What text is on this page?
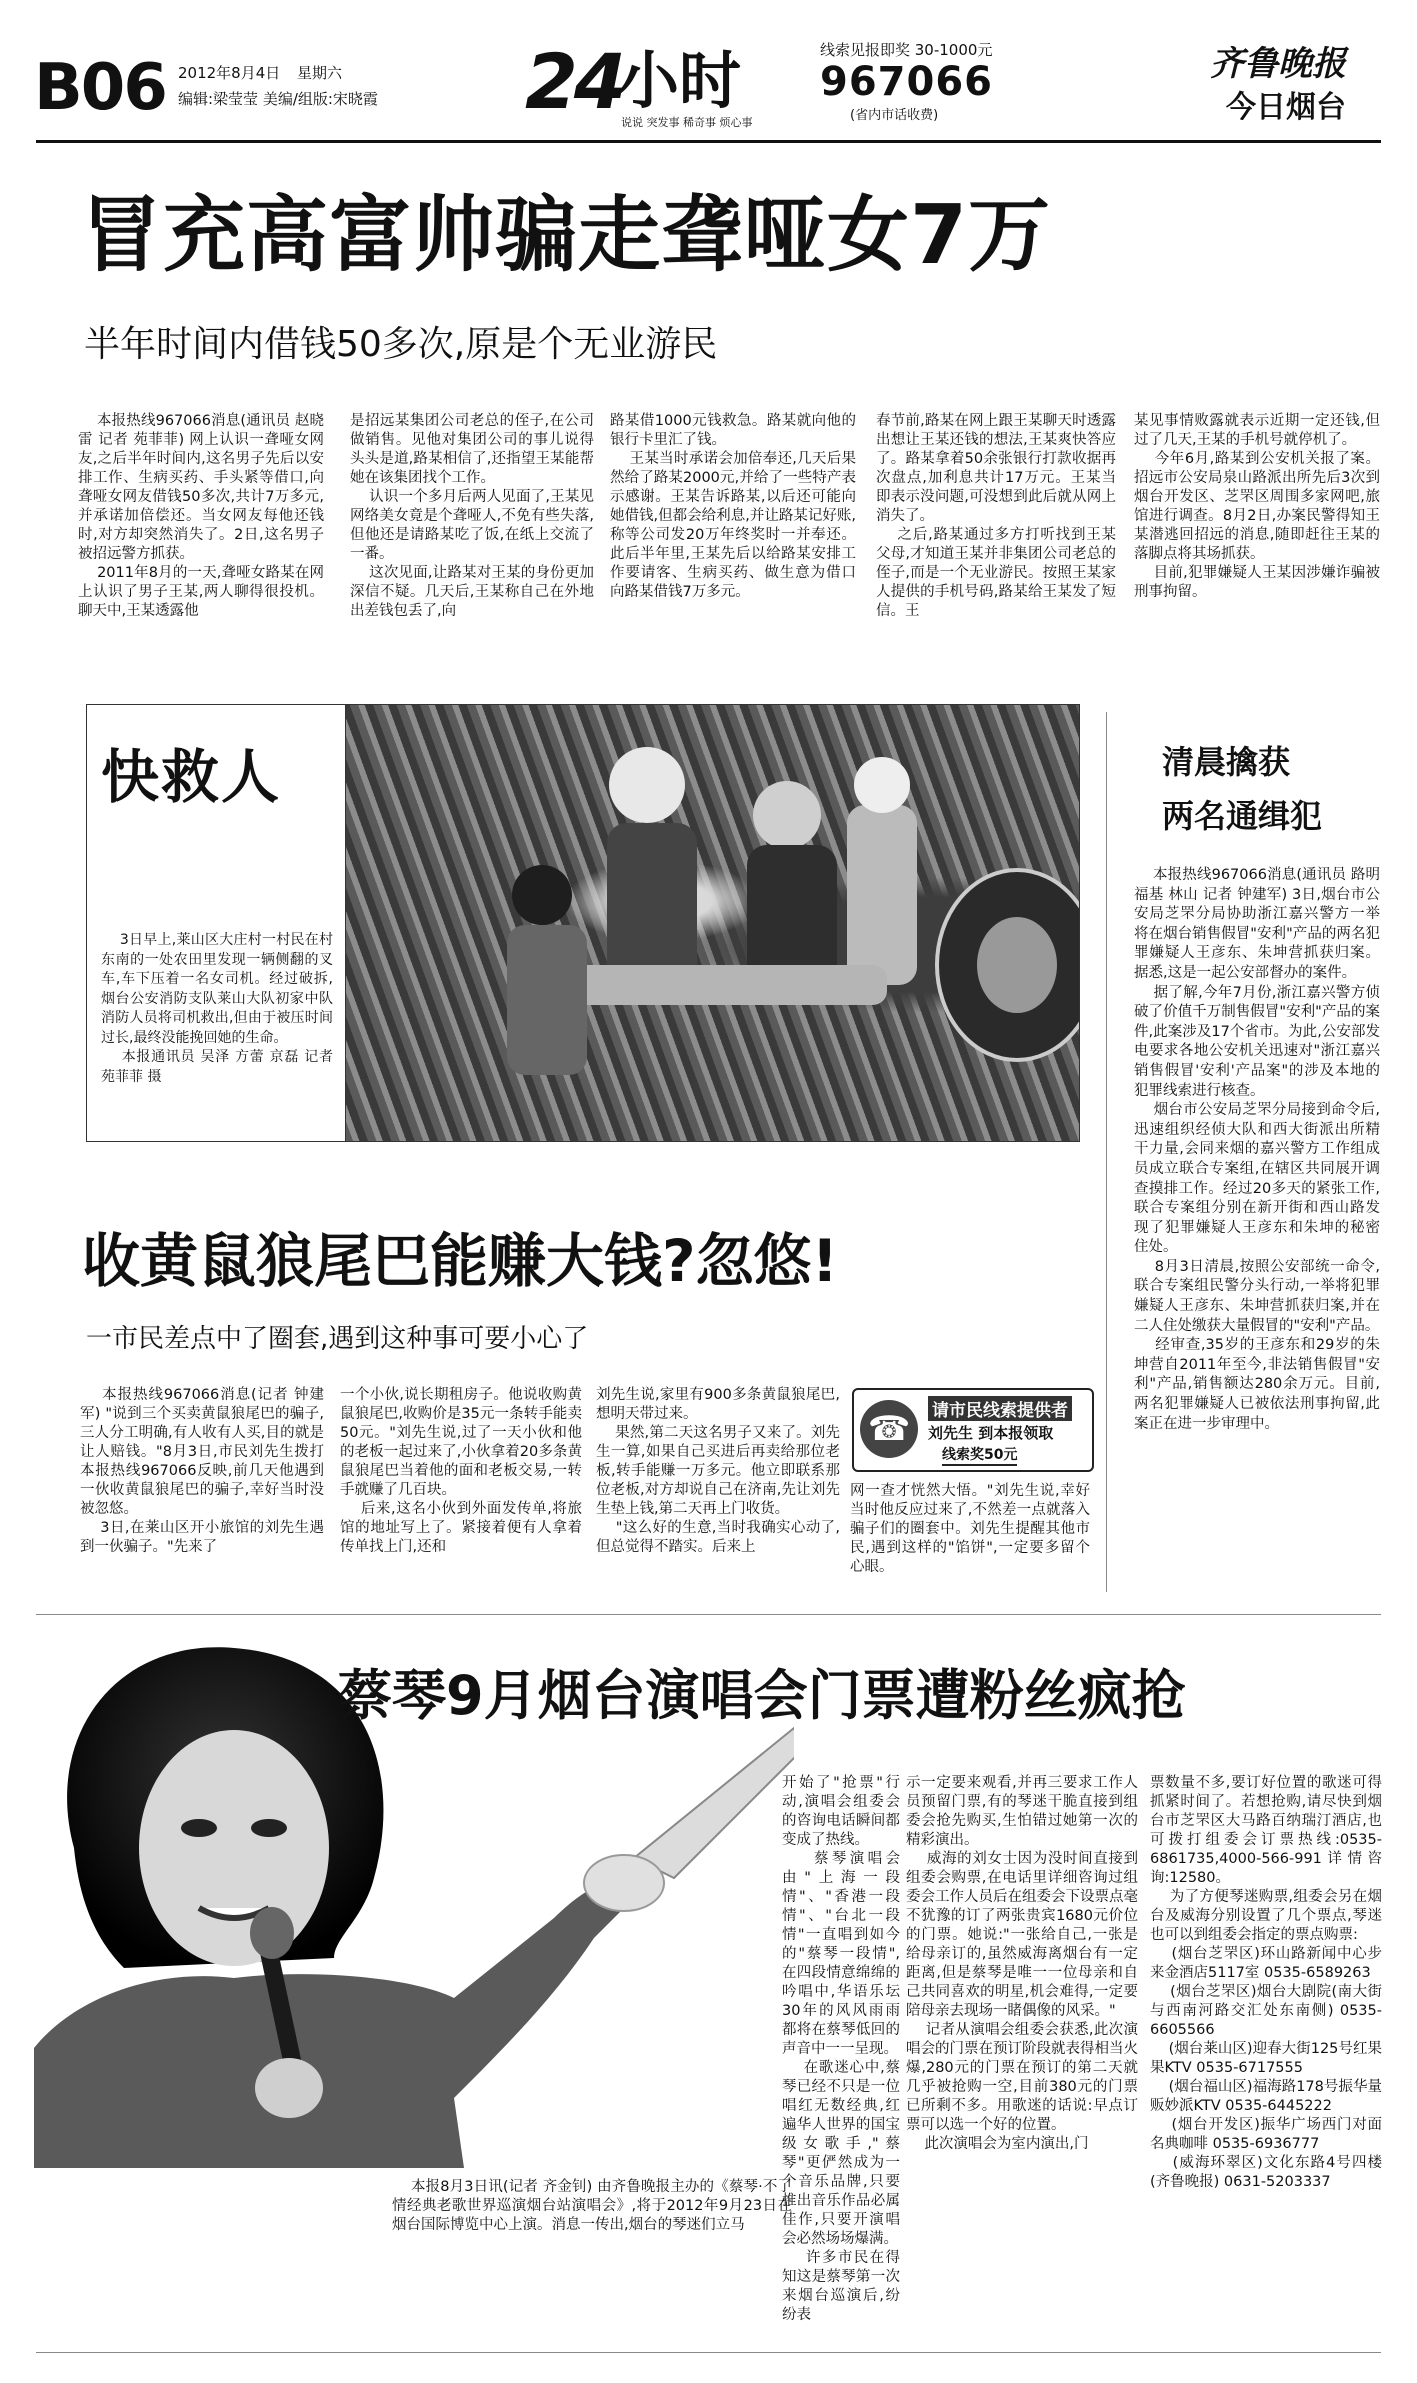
B06 2012年8月4日 星期六
编辑:梁莹莹 美编/组版:宋晓霞 24
小时
说说 突发事 稀奇事 烦心事
线索见报即奖 30-1000元
967066
(省内市话收费)
齐鲁晚报
今日烟台
冒充高富帅骗走聋哑女7万
半年时间内借钱50多次,原是个无业游民
本报热线967066消息(通讯员 赵晓雷 记者 苑菲菲) 网上认识一聋哑女网友,之后半年时间内,这名男子先后以安排工作、生病买药、手头紧等借口,向聋哑女网友借钱50多次,共计7万多元,并承诺加倍偿还。当女网友每他还钱时,对方却突然消失了。2日,这名男子被招远警方抓获。
2011年8月的一天,聋哑女路某在网上认识了男子王某,两人聊得很投机。聊天中,王某透露他
是招远某集团公司老总的侄子,在公司做销售。见他对集团公司的事儿说得头头是道,路某相信了,还指望王某能帮她在该集团找个工作。
认识一个多月后两人见面了,王某见网络美女竟是个聋哑人,不免有些失落,但他还是请路某吃了饭,在纸上交流了一番。
这次见面,让路某对王某的身份更加深信不疑。几天后,王某称自己在外地出差钱包丢了,向
路某借1000元钱救急。路某就向他的银行卡里汇了钱。
王某当时承诺会加倍奉还,几天后果然给了路某2000元,并给了一些特产表示感谢。王某告诉路某,以后还可能向她借钱,但都会给利息,并让路某记好账,称等公司发20万年终奖时一并奉还。此后半年里,王某先后以给路某安排工作要请客、生病买药、做生意为借口向路某借钱7万多元。
春节前,路某在网上跟王某聊天时透露出想让王某还钱的想法,王某爽快答应了。路某拿着50余张银行打款收据再次盘点,加利息共计17万元。王某当即表示没问题,可没想到此后就从网上消失了。
之后,路某通过多方打听找到王某父母,才知道王某并非集团公司老总的侄子,而是一个无业游民。按照王某家人提供的手机号码,路某给王某发了短信。王
某见事情败露就表示近期一定还钱,但过了几天,王某的手机号就停机了。
今年6月,路某到公安机关报了案。招远市公安局泉山路派出所先后3次到烟台开发区、芝罘区周围多家网吧,旅馆进行调查。8月2日,办案民警得知王某潜逃回招远的消息,随即赶往王某的落脚点将其场抓获。
目前,犯罪嫌疑人王某因涉嫌诈骗被刑事拘留。
快救人
3日早上,莱山区大庄村一村民在村东南的一处农田里发现一辆侧翻的叉车,车下压着一名女司机。经过破拆,烟台公安消防支队莱山大队初家中队消防人员将司机救出,但由于被压时间过长,最终没能挽回她的生命。
本报通讯员 吴泽 方蕾 京磊 记者 苑菲菲 摄
清晨擒获
两名通缉犯
本报热线967066消息(通讯员 路明 福基 林山 记者 钟建军) 3日,烟台市公安局芝罘分局协助浙江嘉兴警方一举将在烟台销售假冒"安利"产品的两名犯罪嫌疑人王彦东、朱坤营抓获归案。据悉,这是一起公安部督办的案件。
据了解,今年7月份,浙江嘉兴警方侦破了价值千万制售假冒"安利"产品的案件,此案涉及17个省市。为此,公安部发电要求各地公安机关迅速对"浙江嘉兴销售假冒'安利'产品案"的涉及本地的犯罪线索进行核查。
烟台市公安局芝罘分局接到命令后,迅速组织经侦大队和西大街派出所精干力量,会同来烟的嘉兴警方工作组成员成立联合专案组,在辖区共同展开调查摸排工作。经过20多天的紧张工作,联合专案组分别在新开街和西山路发现了犯罪嫌疑人王彦东和朱坤的秘密住处。
8月3日清晨,按照公安部统一命令,联合专案组民警分头行动,一举将犯罪嫌疑人王彦东、朱坤营抓获归案,并在二人住处缴获大量假冒的"安利"产品。
经审查,35岁的王彦东和29岁的朱坤营自2011年至今,非法销售假冒"安利"产品,销售额达280余万元。目前,两名犯罪嫌疑人已被依法刑事拘留,此案正在进一步审理中。
收黄鼠狼尾巴能赚大钱?忽悠!
一市民差点中了圈套,遇到这种事可要小心了
本报热线967066消息(记者 钟建军) "说到三个买卖黄鼠狼尾巴的骗子,三人分工明确,有人收有人买,目的就是让人赔钱。"8月3日,市民刘先生拨打本报热线967066反映,前几天他遇到一伙收黄鼠狼尾巴的骗子,幸好当时没被忽悠。
3日,在莱山区开小旅馆的刘先生遇到一伙骗子。"先来了
一个小伙,说长期租房子。他说收购黄鼠狼尾巴,收购价是35元一条转手能卖50元。"刘先生说,过了一天小伙和他的老板一起过来了,小伙拿着20多条黄鼠狼尾巴当着他的面和老板交易,一转手就赚了几百块。
后来,这名小伙到外面发传单,将旅馆的地址写上了。紧接着便有人拿着传单找上门,还和
刘先生说,家里有900多条黄鼠狼尾巴,想明天带过来。
果然,第二天这名男子又来了。刘先生一算,如果自己买进后再卖给那位老板,转手能赚一万多元。他立即联系那位老板,对方却说自己在济南,先让刘先生垫上钱,第二天再上门收货。
"这么好的生意,当时我确实心动了,但总觉得不踏实。后来上
网一查才恍然大悟。"刘先生说,幸好当时他反应过来了,不然差一点就落入骗子们的圈套中。刘先生提醒其他市民,遇到这样的"馅饼",一定要多留个心眼。
☎	请市民线索提供者
刘先生 到本报领取
线索奖50元
蔡琴9月烟台演唱会门票遭粉丝疯抢
开始了"抢票"行动,演唱会组委会的咨询电话瞬间都变成了热线。
蔡琴演唱会由"上海一段情"、"香港一段情"、"台北一段情"一直唱到如今的"蔡琴一段情",在四段情意绵绵的吟唱中,华语乐坛30年的风风雨雨都将在蔡琴低回的声音中一一呈现。
在歌迷心中,蔡琴已经不只是一位唱红无数经典,红遍华人世界的国宝级女歌手,"蔡琴"更俨然成为一个音乐品牌,只要推出音乐作品必属佳作,只要开演唱会必然场场爆满。
许多市民在得知这是蔡琴第一次来烟台巡演后,纷纷表
本报8月3日讯(记者 齐金钊) 由齐鲁晚报主办的《蔡琴·不了情经典老歌世界巡演烟台站演唱会》,将于2012年9月23日在烟台国际博览中心上演。消息一传出,烟台的琴迷们立马
示一定要来观看,并再三要求工作人员预留门票,有的琴迷干脆直接到组委会抢先购买,生怕错过她第一次的精彩演出。
威海的刘女士因为没时间直接到组委会购票,在电话里详细咨询过组委会工作人员后在组委会下设票点毫不犹豫的订了两张贵宾1680元价位的门票。她说:"一张给自己,一张是给母亲订的,虽然威海离烟台有一定距离,但是蔡琴是唯一一位母亲和自己共同喜欢的明星,机会难得,一定要陪母亲去现场一睹偶像的风采。"
记者从演唱会组委会获悉,此次演唱会的门票在预订阶段就表得相当火爆,280元的门票在预订的第二天就几乎被抢购一空,目前380元的门票已所剩不多。用歌迷的话说:早点订票可以选一个好的位置。
此次演唱会为室内演出,门
票数量不多,要订好位置的歌迷可得抓紧时间了。若想抢购,请尽快到烟台市芝罘区大马路百纳瑞汀酒店,也可拨打组委会订票热线:0535-6861735,4000-566-991详情咨询:12580。
为了方便琴迷购票,组委会另在烟台及威海分别设置了几个票点,琴迷也可以到组委会指定的票点购票:
(烟台芝罘区)环山路新闻中心步来金酒店5117室 0535-6589263
(烟台芝罘区)烟台大剧院(南大街与西南河路交汇处东南侧) 0535-6605566
(烟台莱山区)迎春大街125号红果果KTV 0535-6717555
(烟台福山区)福海路178号振华量贩妙派KTV 0535-6445222
(烟台开发区)振华广场西门对面名典咖啡 0535-6936777
(威海环翠区)文化东路4号四楼(齐鲁晚报) 0631-5203337
